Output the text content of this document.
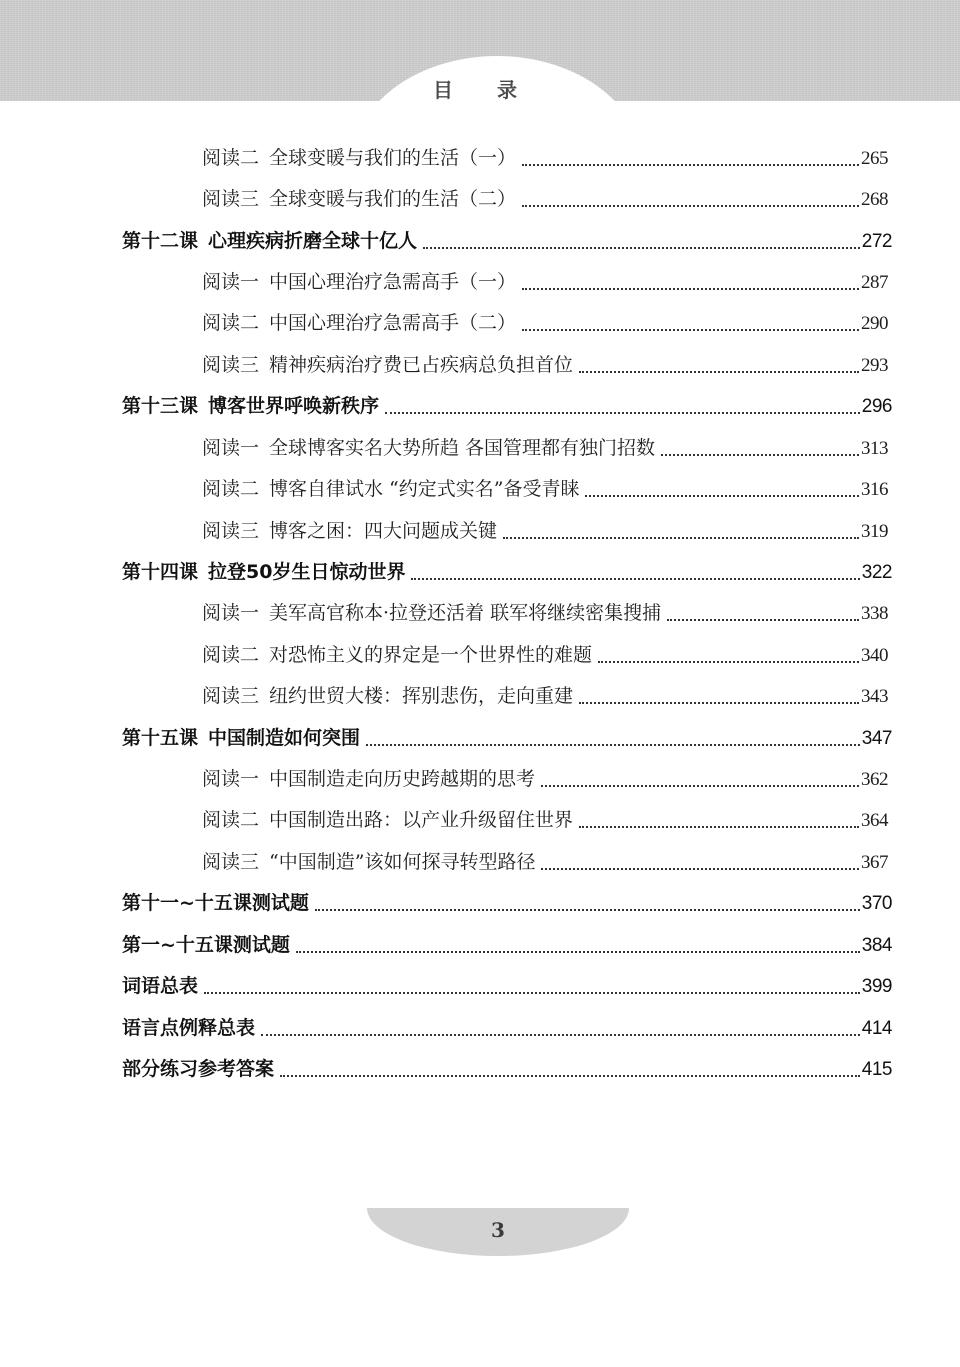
目录
阅读二 全球变暖与我们的生活（一）	265
阅读三 全球变暖与我们的生活（二）	268
第十二课 心理疾病折磨全球十亿人	272
阅读一 中国心理治疗急需高手（一）	287
阅读二 中国心理治疗急需高手（二）	290
阅读三 精神疾病治疗费已占疾病总负担首位	293
第十三课 博客世界呼唤新秩序	296
阅读一 全球博客实名大势所趋 各国管理都有独门招数	313
阅读二 博客自律试水 “约定式实名”备受青睐	316
阅读三 博客之困：四大问题成关键	319
第十四课 拉登50岁生日惊动世界	322
阅读一 美军高官称本·拉登还活着 联军将继续密集搜捕	338
阅读二 对恐怖主义的界定是一个世界性的难题	340
阅读三 纽约世贸大楼：挥别悲伤，走向重建	343
第十五课 中国制造如何突围	347
阅读一 中国制造走向历史跨越期的思考	362
阅读二 中国制造出路：以产业升级留住世界	364
阅读三 “中国制造”该如何探寻转型路径	367
第十一~十五课测试题	370
第一~十五课测试题	384
词语总表	399
语言点例释总表	414
部分练习参考答案	415
3
